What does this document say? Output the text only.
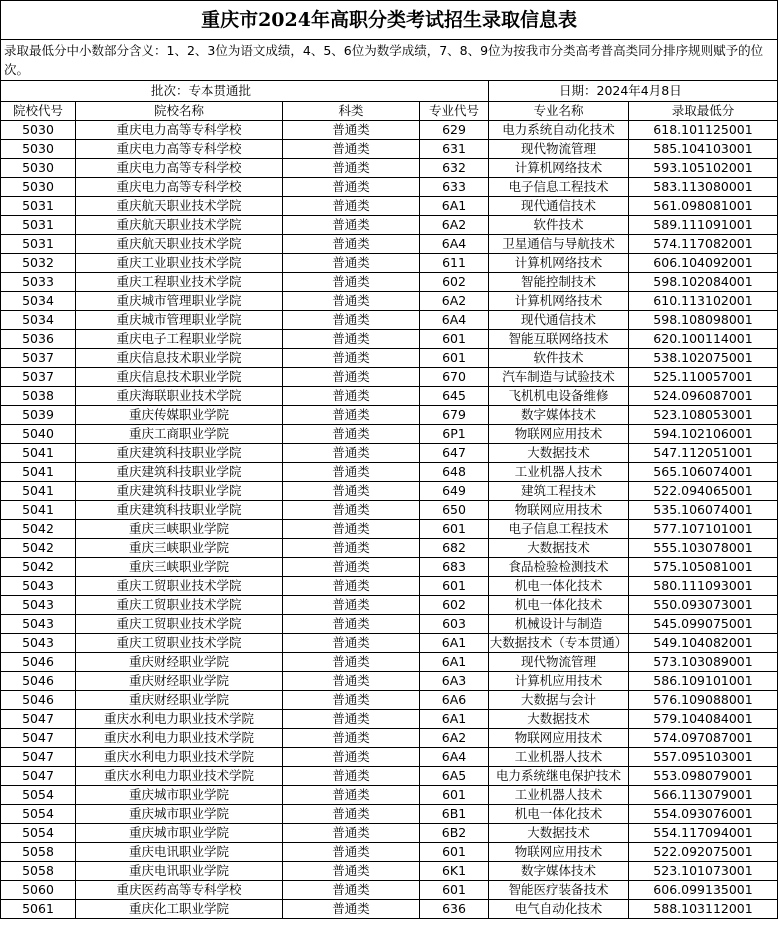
重庆市2024年高职分类考试招生录取信息表					
录取最低分中小数部分含义：1、2、3位为语文成绩，4、5、6位为数学成绩，7、8、9位为按我市分类高考普高类同分排序规则赋予的位次。					
批次：专本贯通批				日期：2024年4月8日	
院校代号	院校名称	科类	专业代号	专业名称	录取最低分
5030	重庆电力高等专科学校	普通类	629	电力系统自动化技术	618.101125001
5030	重庆电力高等专科学校	普通类	631	现代物流管理	585.104103001
5030	重庆电力高等专科学校	普通类	632	计算机网络技术	593.105102001
5030	重庆电力高等专科学校	普通类	633	电子信息工程技术	583.113080001
5031	重庆航天职业技术学院	普通类	6A1	现代通信技术	561.098081001
5031	重庆航天职业技术学院	普通类	6A2	软件技术	589.111091001
5031	重庆航天职业技术学院	普通类	6A4	卫星通信与导航技术	574.117082001
5032	重庆工业职业技术学院	普通类	611	计算机网络技术	606.104092001
5033	重庆工程职业技术学院	普通类	602	智能控制技术	598.102084001
5034	重庆城市管理职业学院	普通类	6A2	计算机网络技术	610.113102001
5034	重庆城市管理职业学院	普通类	6A4	现代通信技术	598.108098001
5036	重庆电子工程职业学院	普通类	601	智能互联网络技术	620.100114001
5037	重庆信息技术职业学院	普通类	601	软件技术	538.102075001
5037	重庆信息技术职业学院	普通类	670	汽车制造与试验技术	525.110057001
5038	重庆海联职业技术学院	普通类	645	飞机机电设备维修	524.096087001
5039	重庆传媒职业学院	普通类	679	数字媒体技术	523.108053001
5040	重庆工商职业学院	普通类	6P1	物联网应用技术	594.102106001
5041	重庆建筑科技职业学院	普通类	647	大数据技术	547.112051001
5041	重庆建筑科技职业学院	普通类	648	工业机器人技术	565.106074001
5041	重庆建筑科技职业学院	普通类	649	建筑工程技术	522.094065001
5041	重庆建筑科技职业学院	普通类	650	物联网应用技术	535.106074001
5042	重庆三峡职业学院	普通类	601	电子信息工程技术	577.107101001
5042	重庆三峡职业学院	普通类	682	大数据技术	555.103078001
5042	重庆三峡职业学院	普通类	683	食品检验检测技术	575.105081001
5043	重庆工贸职业技术学院	普通类	601	机电一体化技术	580.111093001
5043	重庆工贸职业技术学院	普通类	602	机电一体化技术	550.093073001
5043	重庆工贸职业技术学院	普通类	603	机械设计与制造	545.099075001
5043	重庆工贸职业技术学院	普通类	6A1	大数据技术（专本贯通）	549.104082001
5046	重庆财经职业学院	普通类	6A1	现代物流管理	573.103089001
5046	重庆财经职业学院	普通类	6A3	计算机应用技术	586.109101001
5046	重庆财经职业学院	普通类	6A6	大数据与会计	576.109088001
5047	重庆水利电力职业技术学院	普通类	6A1	大数据技术	579.104084001
5047	重庆水利电力职业技术学院	普通类	6A2	物联网应用技术	574.097087001
5047	重庆水利电力职业技术学院	普通类	6A4	工业机器人技术	557.095103001
5047	重庆水利电力职业技术学院	普通类	6A5	电力系统继电保护技术	553.098079001
5054	重庆城市职业学院	普通类	601	工业机器人技术	566.113079001
5054	重庆城市职业学院	普通类	6B1	机电一体化技术	554.093076001
5054	重庆城市职业学院	普通类	6B2	大数据技术	554.117094001
5058	重庆电讯职业学院	普通类	601	物联网应用技术	522.092075001
5058	重庆电讯职业学院	普通类	6K1	数字媒体技术	523.101073001
5060	重庆医药高等专科学校	普通类	601	智能医疗装备技术	606.099135001
5061	重庆化工职业学院	普通类	636	电气自动化技术	588.103112001
